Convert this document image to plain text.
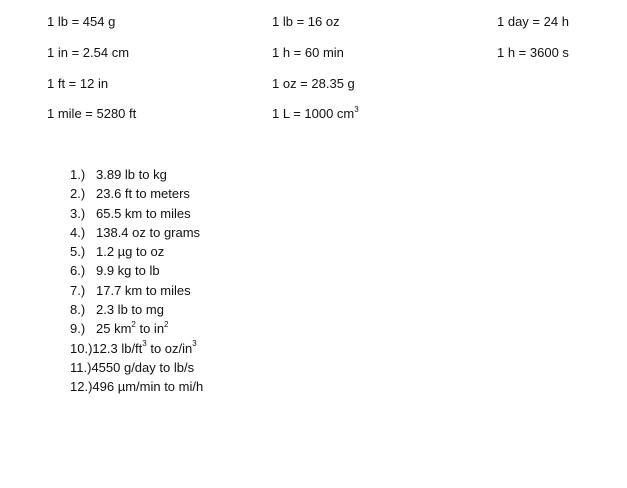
1 lb = 454 g
1 in = 2.54 cm
1 ft = 12 in
1 mile = 5280 ft
1 lb = 16 oz
1 h = 60 min
1 oz = 28.35 g
1 L = 1000 $cm^3$
1 day = 24 h
1 h = 3600 s
1.) 3.89 lb to kg
2.) 23.6 ft to meters
3.) 65.5 km to miles
4.) 138.4 oz to grams
5.) 1.2 µg to oz
6.) 9.9 kg to lb
7.) 17.7 km to miles
8.) 2.3 lb to mg
9.) 25 $km^2$ to $in^2$
10.)12.3 $lb/ft^3$ to $oz/in^3$
11.)4550 g/day to lb/s
12.)496 µm/min to mi/h
